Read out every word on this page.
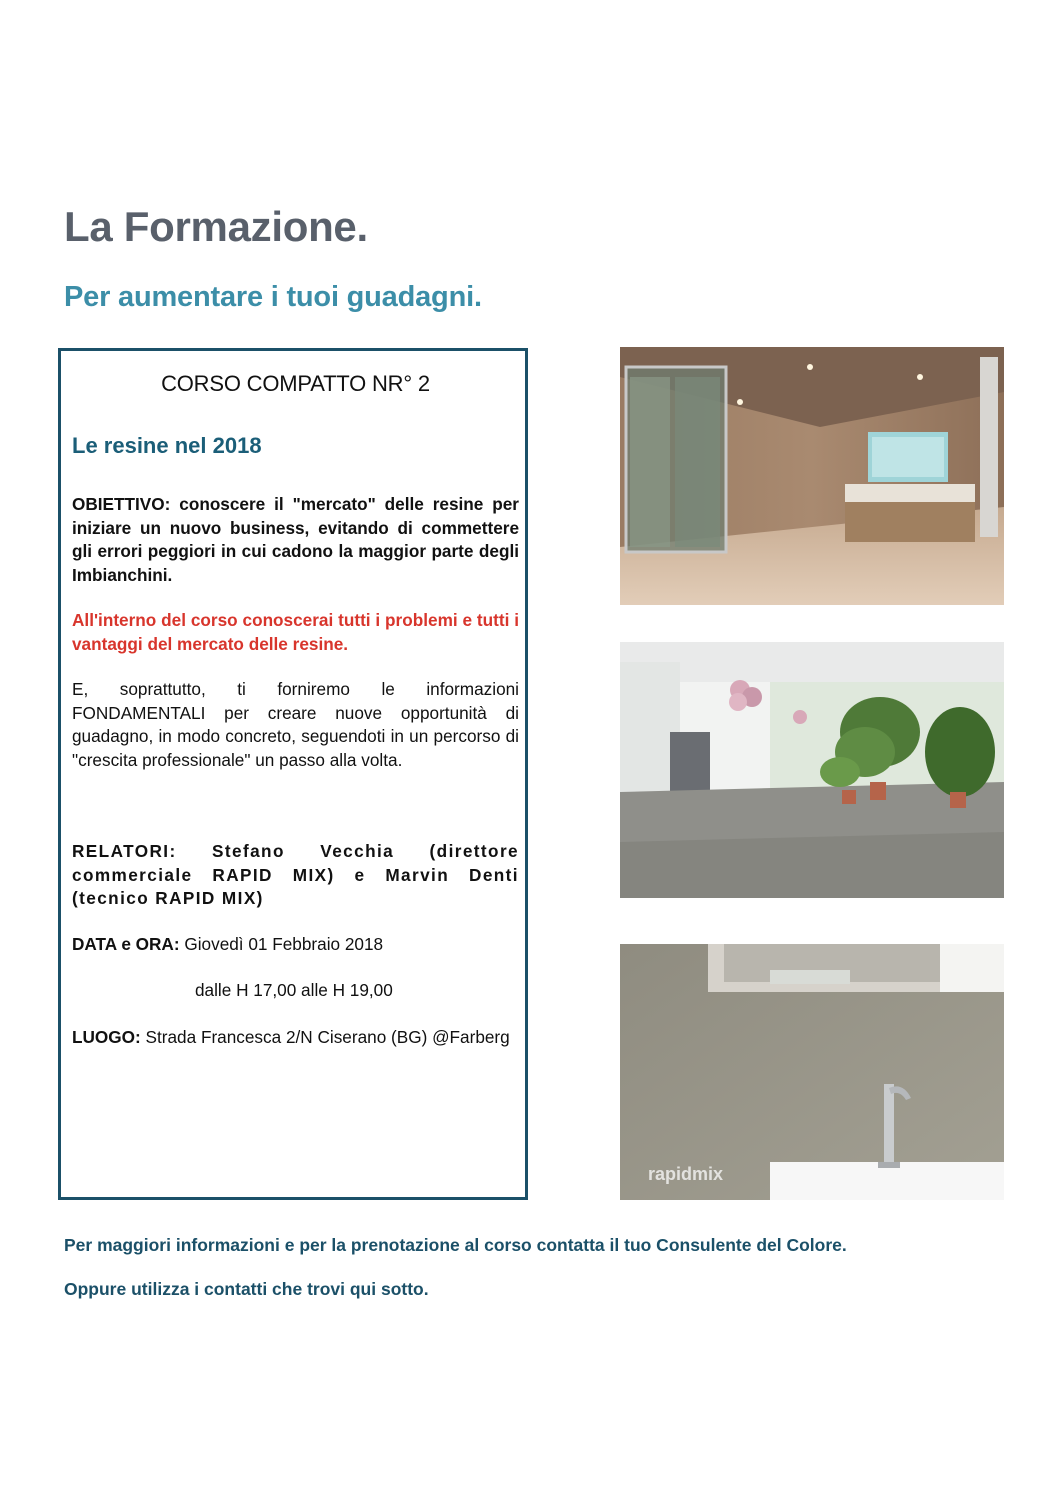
La Formazione.
Per aumentare i tuoi guadagni.
CORSO COMPATTO NR° 2
Le resine nel 2018
OBIETTIVO: conoscere il "mercato" delle resine per iniziare un nuovo business, evitando di commettere gli errori peggiori in cui cadono la maggior parte degli Imbianchini.
All'interno del corso conoscerai tutti i problemi e tutti i vantaggi del mercato delle resine.
E, soprattutto, ti forniremo le informazioni FONDAMENTALI per creare nuove opportunità di guadagno, in modo concreto, seguendoti in un percorso di "crescita professionale" un passo alla volta.
RELATORI: Stefano Vecchia (direttore commerciale RAPID MIX) e Marvin Denti (tecnico RAPID MIX)
DATA e ORA: Giovedì 01 Febbraio 2018
dalle H 17,00 alle H 19,00
LUOGO: Strada Francesca 2/N Ciserano (BG) @Farberg
rapidmix
Per maggiori informazioni e per la prenotazione al corso contatta il tuo Consulente del Colore.
Oppure utilizza i contatti che trovi qui sotto.
